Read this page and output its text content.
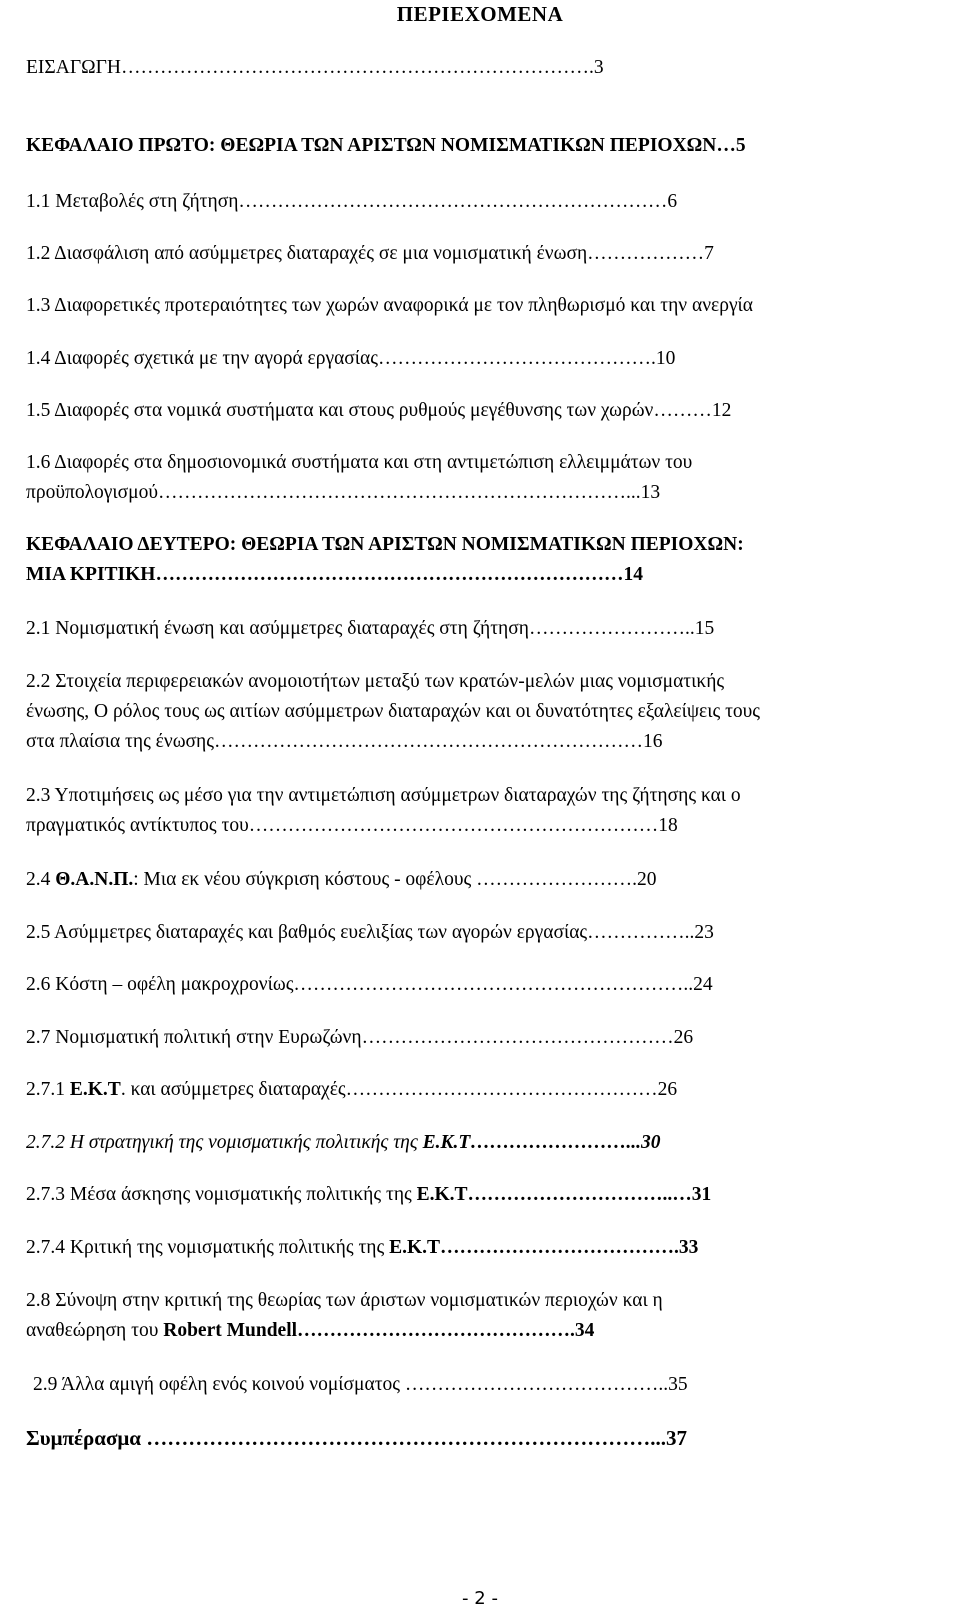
ΠΕΡΙΕΧΟΜΕΝΑ
ΕΙΣΑΓΩΓΗ……………………………………………………………….3
ΚΕΦΑΛΑΙΟ ΠΡΩΤΟ: ΘΕΩΡΙΑ ΤΩΝ ΑΡΙΣΤΩΝ ΝΟΜΙΣΜΑΤΙΚΩΝ ΠΕΡΙΟΧΩΝ…5
1.1 Μεταβολές στη ζήτηση…………………………………………………………6
1.2 Διασφάλιση από ασύμμετρες διαταραχές σε μια νομισματική ένωση………………7
1.3 Διαφορετικές προτεραιότητες των χωρών αναφορικά με τον πληθωρισμό και την ανεργία
1.4 Διαφορές σχετικά με την αγορά εργασίας…………………………………….10
1.5 Διαφορές στα νομικά συστήματα και στους ρυθμούς μεγέθυνσης των χωρών………12
1.6 Διαφορές στα δημοσιονομικά συστήματα και στη αντιμετώπιση ελλειμμάτων του
προϋπολογισμού………………………………………………………………...13
ΚΕΦΑΛΑΙΟ ΔΕΥΤΕΡΟ: ΘΕΩΡΙΑ ΤΩΝ ΑΡΙΣΤΩΝ ΝΟΜΙΣΜΑΤΙΚΩΝ ΠΕΡΙΟΧΩΝ:
ΜΙΑ ΚΡΙΤΙΚΗ………………………………………………………………14
2.1 Νομισματική ένωση και ασύμμετρες διαταραχές στη ζήτηση……………………..15
2.2 Στοιχεία περιφερειακών ανομοιοτήτων μεταξύ των κρατών-μελών μιας νομισματικής
ένωσης, Ο ρόλος τους ως αιτίων ασύμμετρων διαταραχών και οι δυνατότητες εξαλείψεις τους
στα πλαίσια της ένωσης…………………………………………………………16
2.3 Υποτιμήσεις ως μέσο για την αντιμετώπιση ασύμμετρων διαταραχών της ζήτησης και ο
πραγματικός αντίκτυπος του………………………………………………………18
2.4 Θ.Α.Ν.Π.: Μια εκ νέου σύγκριση κόστους - οφέλους …………………….20
2.5 Ασύμμετρες διαταραχές και βαθμός ευελιξίας των αγορών εργασίας……………..23
2.6 Κόστη – οφέλη μακροχρονίως……………………………………………………..24
2.7 Νομισματική πολιτική στην Ευρωζώνη…………………………………………26
2.7.1 Ε.Κ.Τ. και ασύμμετρες διαταραχές…………………………………………26
2.7.2 Η στρατηγική της νομισματικής πολιτικής της Ε.Κ.Τ……………………...30
2.7.3 Μέσα άσκησης νομισματικής πολιτικής της Ε.Κ.Τ…………………………..…31
2.7.4 Κριτική της νομισματικής πολιτικής της Ε.Κ.Τ……………………………….33
2.8 Σύνοψη στην κριτική της θεωρίας των άριστων νομισματικών περιοχών και η
αναθεώρηση του Robert Mundell…………………………………….34
2.9 Άλλα αμιγή οφέλη ενός κοινού νομίσματος …………………………………..35
Συμπέρασμα ………………………………………………………………...37
- 2 -
